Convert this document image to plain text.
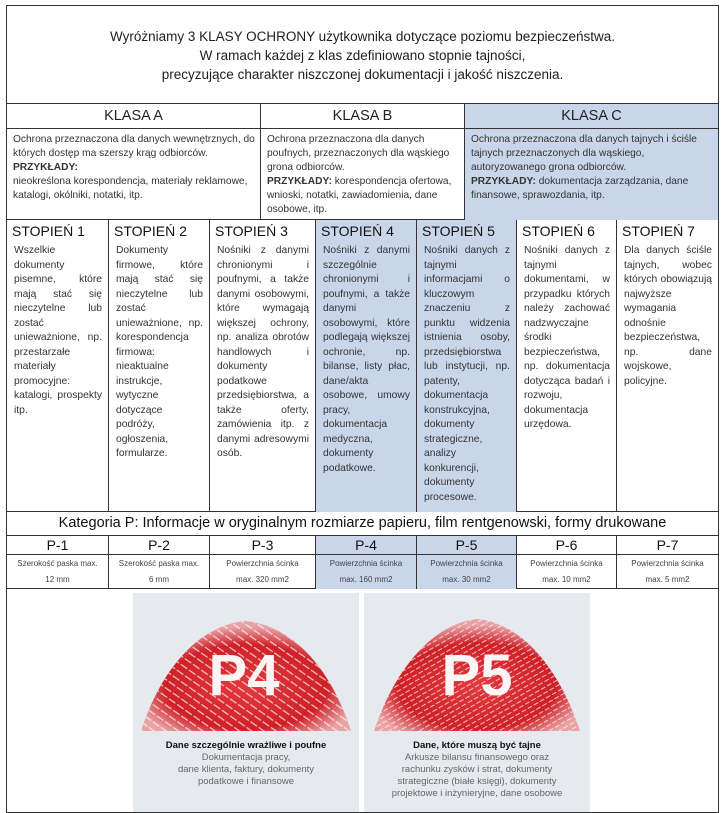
Wyróżniamy 3 KLASY OCHRONY użytkownika dotyczące poziomu bezpieczeństwa.
W ramach każdej z klas zdefiniowano stopnie tajności,
precyzujące charakter niszczonej dokumentacji i jakość niszczenia.
KLASA A
Ochrona przeznaczona dla danych wewnętrznych, do których dostęp ma szerszy krąg odbiorców.
PRZYKŁADY:
nieokreślona korespondencja, materiały reklamowe, katalogi, okólniki, notatki, itp.
KLASA B
Ochrona przeznaczona dla danych poufnych, przeznaczonych dla wąskiego grona odbiorców.
PRZYKŁADY: korespondencja ofertowa, wnioski, notatki, zawiadomienia, dane osobowe, itp.
KLASA C
Ochrona przeznaczona dla danych tajnych i ściśle tajnych przeznaczonych dla wąskiego, autoryzowanego grona odbiorców.
PRZYKŁADY: dokumentacja zarządzania, dane finansowe, sprawozdania, itp.
STOPIEŃ 1
Wszelkie dokumenty pisemne, które mają stać się nieczytelne lub zostać unieważnione, np. przestarzałe materiały promocyjne: katalogi, prospekty itp.
STOPIEŃ 2
Dokumenty firmowe, które mają stać się nieczytelne lub zostać unieważnione, np. korespondencja firmowa: nieaktualne instrukcje, wytyczne dotyczące podróży, ogłoszenia, formularze.
STOPIEŃ 3
Nośniki z danymi chronionymi i poufnymi, a także danymi osobowymi, które wymagają większej ochrony, np. analiza obrotów handlowych i dokumenty podatkowe przedsiębiorstwa, a także oferty, zamówienia itp. z danymi adresowymi osób.
STOPIEŃ 4
Nośniki z danymi szczególnie chronionymi i poufnymi, a także danymi osobowymi, które podlegają większej ochronie, np. bilanse, listy płac, dane/akta osobowe, umowy pracy, dokumentacja medyczna, dokumenty podatkowe.
STOPIEŃ 5
Nośniki danych z tajnymi informacjami o kluczowym znaczeniu z punktu widzenia istnienia osoby, przedsiębiorstwa lub instytucji, np. patenty, dokumentacja konstrukcyjna, dokumenty strategiczne, analizy konkurencji, dokumenty procesowe.
STOPIEŃ 6
Nośniki danych z tajnymi dokumentami, w przypadku których należy zachować nadzwyczajne środki bezpieczeństwa, np. dokumentacja dotycząca badań i rozwoju, dokumentacja urzędowa.
STOPIEŃ 7
Dla danych ściśle tajnych, wobec których obowiązują najwyższe wymagania odnośnie bezpieczeństwa, np. dane wojskowe, policyjne.
Kategoria P: Informacje w oryginalnym rozmiarze papieru, film rentgenowski, formy drukowane
P-1
Szerokość paska max.
12 mm
P-2
Szerokość paska max.
6 mm
P-3
Powierzchnia ścinka
max. 320 mm2
P-4
Powierzchnia ścinka
max. 160 mm2
P-5
Powierzchnia ścinka
max. 30 mm2
P-6
Powierzchnia ścinka
max. 10 mm2
P-7
Powierzchnia ścinka
max. 5 mm2
P4
Dane szczególnie wrażliwe i poufne
Dokumentacja pracy,
dane klienta, faktury, dokumenty
podatkowe i finansowe
P5
Dane, które muszą być tajne
Arkusze bilansu finansowego oraz
rachunku zysków i strat, dokumenty
strategiczne (białe księgi), dokumenty
projektowe i inżynieryjne, dane osobowe
